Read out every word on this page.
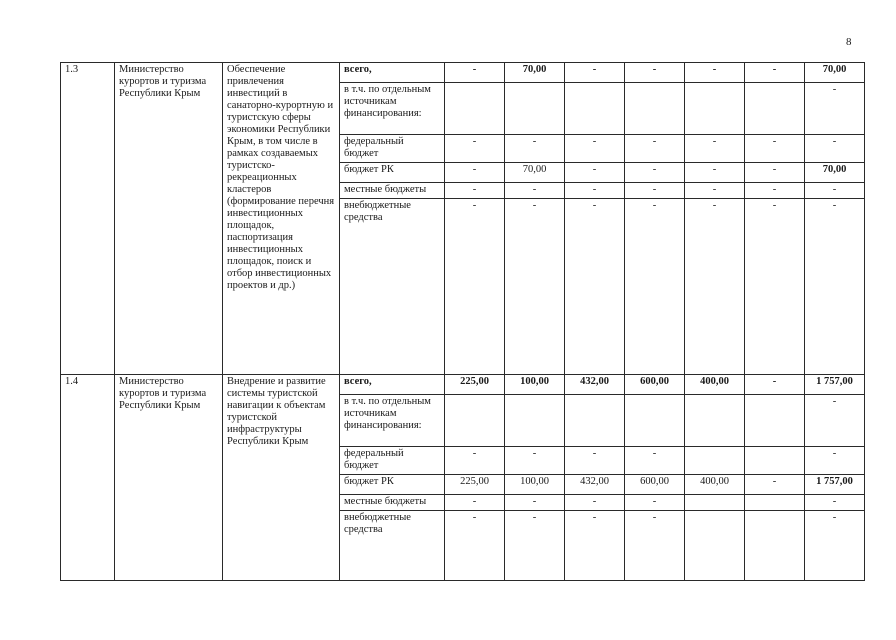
8
1.3	Министерство курортов и туризма Республики Крым	Обеспечение привлечения инвестиций в санаторно-курортную и туристскую сферы экономики Республики Крым, в том числе в рамках создаваемых туристско-рекреационных кластеров (формирование перечня инвестиционных площадок, паспортизация инвестиционных площадок, поиск и отбор инвестиционных проектов и др.)	всего,	-	70,00	-	-	-	-	70,00
			в т.ч. по отдельным источникам финансирования:							-
			федеральный бюджет	-	-	-	-	-	-	-
			бюджет РК	-	70,00	-	-	-	-	70,00
			местные бюджеты	-	-	-	-	-	-	-
			внебюджетные средства	-	-	-	-	-	-	-
1.4	Министерство курортов и туризма Республики Крым	Внедрение и развитие системы туристской навигации к объектам туристской инфраструктуры Республики Крым	всего,	225,00	100,00	432,00	600,00	400,00	-	1 757,00
			в т.ч. по отдельным источникам финансирования:							-
			федеральный бюджет	-	-	-	-			-
			бюджет РК	225,00	100,00	432,00	600,00	400,00	-	1 757,00
			местные бюджеты	-	-	-	-			-
			внебюджетные средства	-	-	-	-			-
